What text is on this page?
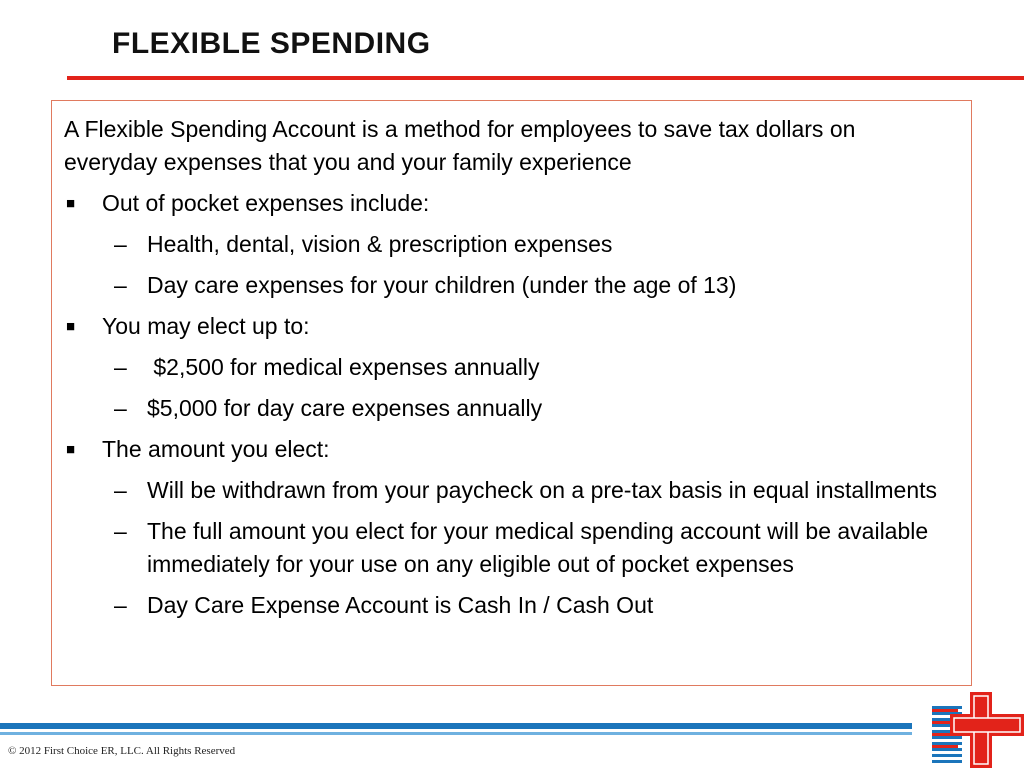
FLEXIBLE SPENDING

A Flexible Spending Account is a method for employees to save tax dollars on everyday expenses that you and your family experience

■ Out of pocket expenses include:
– Health, dental, vision & prescription expenses
– Day care expenses for your children (under the age of 13)
■ You may elect up to:
– $2,500 for medical expenses annually
– $5,000 for day care expenses annually
■ The amount you elect:
– Will be withdrawn from your paycheck on a pre-tax basis in equal installments
– The full amount you elect for your medical spending account will be available immediately for your use on any eligible out of pocket expenses
– Day Care Expense Account is Cash In / Cash Out
© 2012 First Choice ER, LLC. All Rights Reserved
